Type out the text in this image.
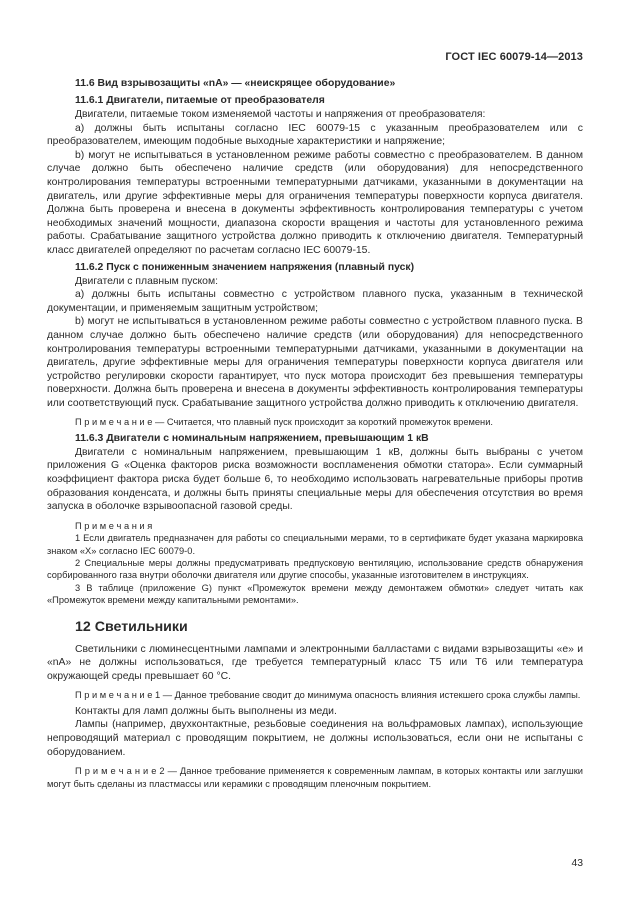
ГОСТ IEC 60079-14—2013
11.6 Вид взрывозащиты «nA» — «неискрящее оборудование»
11.6.1 Двигатели, питаемые от преобразователя

Двигатели, питаемые током изменяемой частоты и напряжения от преобразователя:

a) должны быть испытаны согласно IEC 60079-15 с указанным преобразователем или с преобразователем, имеющим подобные выходные характеристики и напряжение;

b) могут не испытываться в установленном режиме работы совместно с преобразователем. В данном случае должно быть обеспечено наличие средств (или оборудования) для непосредственного контролирования температуры встроенными температурными датчиками, указанными в документации на двигатель, или другие эффективные меры для ограничения температуры поверхности корпуса двигателя. Должна быть проверена и внесена в документы эффективность контролирования температуры с учетом необходимых значений мощности, диапазона скорости вращения и частоты для установленного режима работы. Срабатывание защитного устройства должно приводить к отключению двигателя. Температурный класс двигателей определяют по расчетам согласно IEC 60079-15.

11.6.2 Пуск с пониженным значением напряжения (плавный пуск)

Двигатели с плавным пуском:

a) должны быть испытаны совместно с устройством плавного пуска, указанным в технической документации, и применяемым защитным устройством;

b) могут не испытываться в установленном режиме работы совместно с устройством плавного пуска. В данном случае должно быть обеспечено наличие средств (или оборудования) для непосредственного контролирования температуры встроенными температурными датчиками, указанными в документации на двигатель, другие эффективные меры для ограничения температуры поверхности корпуса двигателя или устройство регулировки скорости гарантирует, что пуск мотора происходит без превышения температуры поверхности. Должна быть проверена и внесена в документы эффективность контролирования температуры или соответствующий пуск. Срабатывание защитного устройства должно приводить к отключению двигателя.

П р и м е ч а н и е — Считается, что плавный пуск происходит за короткий промежуток времени.

11.6.3 Двигатели с номинальным напряжением, превышающим 1 кВ

Двигатели с номинальным напряжением, превышающим 1 кВ, должны быть выбраны с учетом приложения G «Оценка факторов риска возможности воспламенения обмотки статора». Если суммарный коэффициент фактора риска будет больше 6, то необходимо использовать нагревательные приборы против образования конденсата, и должны быть приняты специальные меры для обеспечения отсутствия во время запуска в оболочке взрывоопасной газовой среды.

П р и м е ч а н и я

1 Если двигатель предназначен для работы со специальными мерами, то в сертификате будет указана маркировка знаком «X» согласно IEC 60079-0.

2 Специальные меры должны предусматривать предпусковую вентиляцию, использование средств обнаружения сорбированного газа внутри оболочки двигателя или другие способы, указанные изготовителем в инструкциях.

3 В таблице (приложение G) пункт «Промежуток времени между демонтажем обмотки» следует читать как «Промежуток времени между капитальными ремонтами».

12 Светильники

Светильники с люминесцентными лампами и электронными балластами с видами взрывозащиты «е» и «nA» не должны использоваться, где требуется температурный класс Т5 или Т6 или температура окружающей среды превышает 60 °С.

П р и м е ч а н и е 1 — Данное требование сводит до минимума опасность влияния истекшего срока службы лампы.

Контакты для ламп должны быть выполнены из меди.

Лампы (например, двухконтактные, резьбовые соединения на вольфрамовых лампах), использующие непроводящий материал с проводящим покрытием, не должны использоваться, если они не испытаны с оборудованием.

П р и м е ч а н и е 2 — Данное требование применяется к современным лампам, в которых контакты или заглушки могут быть сделаны из пластмассы или керамики с проводящим пленочным покрытием.

43
